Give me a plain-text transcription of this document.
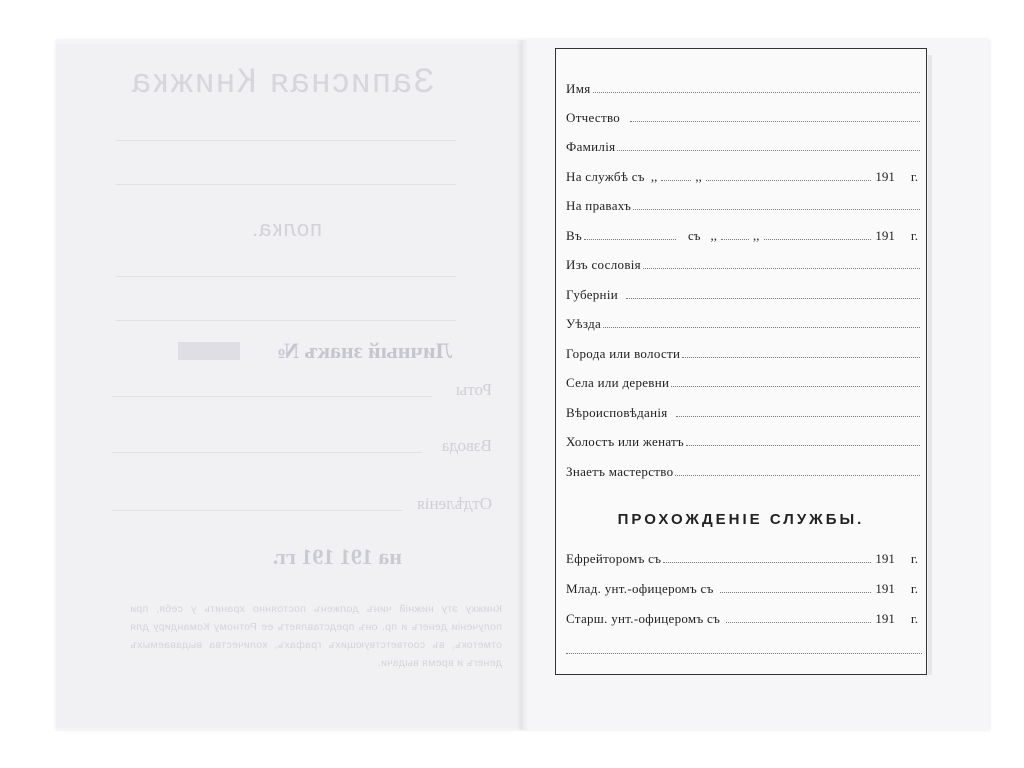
Записная Книжка
полка.
Личный знакъ №
Роты
Взвода
Отдѣленія
на 191 191 гг.
Книжку эту нижній чинъ долженъ постоянно хранить у себя, при полученіи денегъ и пр. онъ представляетъ ее Ротному Командиру для отметокъ, въ соответствующихъ графахъ, количества выдаваемыхъ денегъ и время выдачи.
Имя
Отчество
Фамилія
На службѣ съ ,,	,,	191 г.
На правахъ
Въ	съ ,,	,,	191 г.
Изъ сословія
Губерніи
Уѣзда
Города или волости
Села или деревни
Вѣроисповѣданія
Холостъ или женатъ
Знаетъ мастерство
ПРОХОЖДЕНІЕ СЛУЖБЫ.
Ефрейторомъ съ	191 г.
Млад. унт.-офицеромъ съ	191 г.
Старш. унт.-офицеромъ съ	191 г.
